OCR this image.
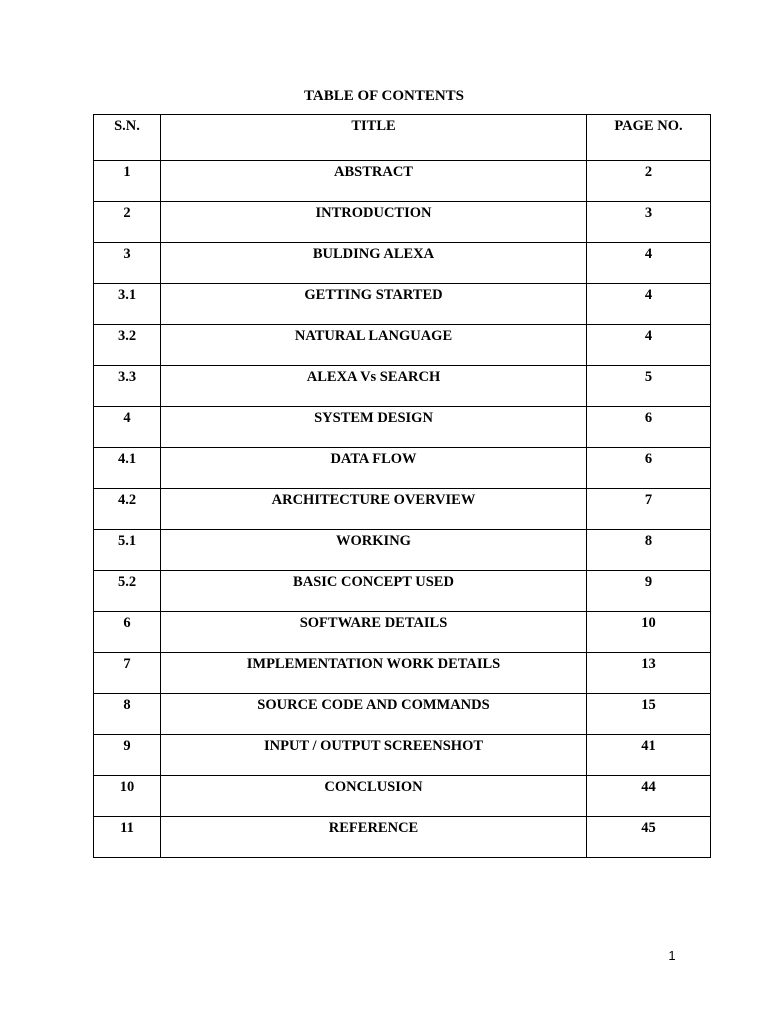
TABLE OF CONTENTS
S.N.	TITLE	PAGE NO.
1	ABSTRACT	2
2	INTRODUCTION	3
3	BULDING ALEXA	4
3.1	GETTING STARTED	4
3.2	NATURAL LANGUAGE	4
3.3	ALEXA Vs SEARCH	5
4	SYSTEM DESIGN	6
4.1	DATA FLOW	6
4.2	ARCHITECTURE OVERVIEW	7
5.1	WORKING	8
5.2	BASIC CONCEPT USED	9
6	SOFTWARE DETAILS	10
7	IMPLEMENTATION WORK DETAILS	13
8	SOURCE CODE AND COMMANDS	15
9	INPUT / OUTPUT SCREENSHOT	41
10	CONCLUSION	44
11	REFERENCE	45
1
